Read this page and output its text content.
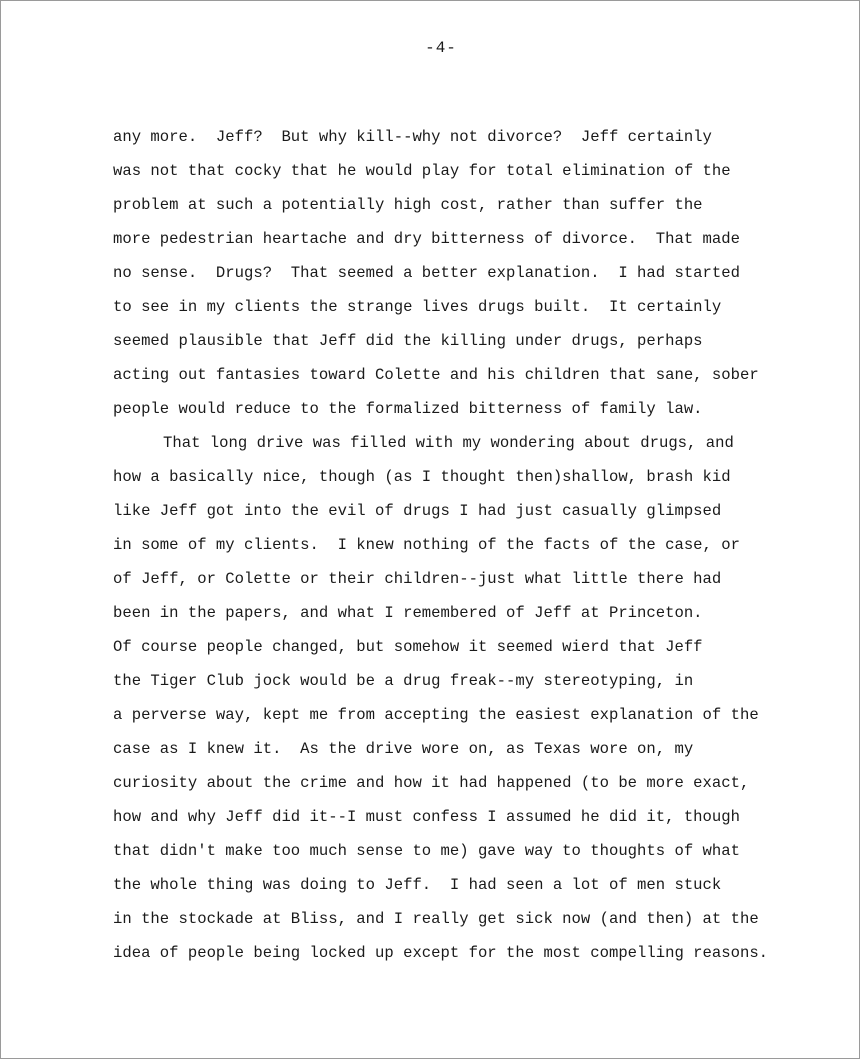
-4-
any more.  Jeff?  But why kill--why not divorce?  Jeff certainly
was not that cocky that he would play for total elimination of the
problem at such a potentially high cost, rather than suffer the
more pedestrian heartache and dry bitterness of divorce.  That made
no sense.  Drugs?  That seemed a better explanation.  I had started
to see in my clients the strange lives drugs built.  It certainly
seemed plausible that Jeff did the killing under drugs, perhaps
acting out fantasies toward Colette and his children that sane, sober
people would reduce to the formalized bitterness of family law.
That long drive was filled with my wondering about drugs, and
how a basically nice, though (as I thought then)shallow, brash kid
like Jeff got into the evil of drugs I had just casually glimpsed
in some of my clients.  I knew nothing of the facts of the case, or
of Jeff, or Colette or their children--just what little there had
been in the papers, and what I remembered of Jeff at Princeton.
Of course people changed, but somehow it seemed wierd that Jeff
the Tiger Club jock would be a drug freak--my stereotyping, in
a perverse way, kept me from accepting the easiest explanation of the
case as I knew it.  As the drive wore on, as Texas wore on, my
curiosity about the crime and how it had happened (to be more exact,
how and why Jeff did it--I must confess I assumed he did it, though
that didn't make too much sense to me) gave way to thoughts of what
the whole thing was doing to Jeff.  I had seen a lot of men stuck
in the stockade at Bliss, and I really get sick now (and then) at the
idea of people being locked up except for the most compelling reasons.
